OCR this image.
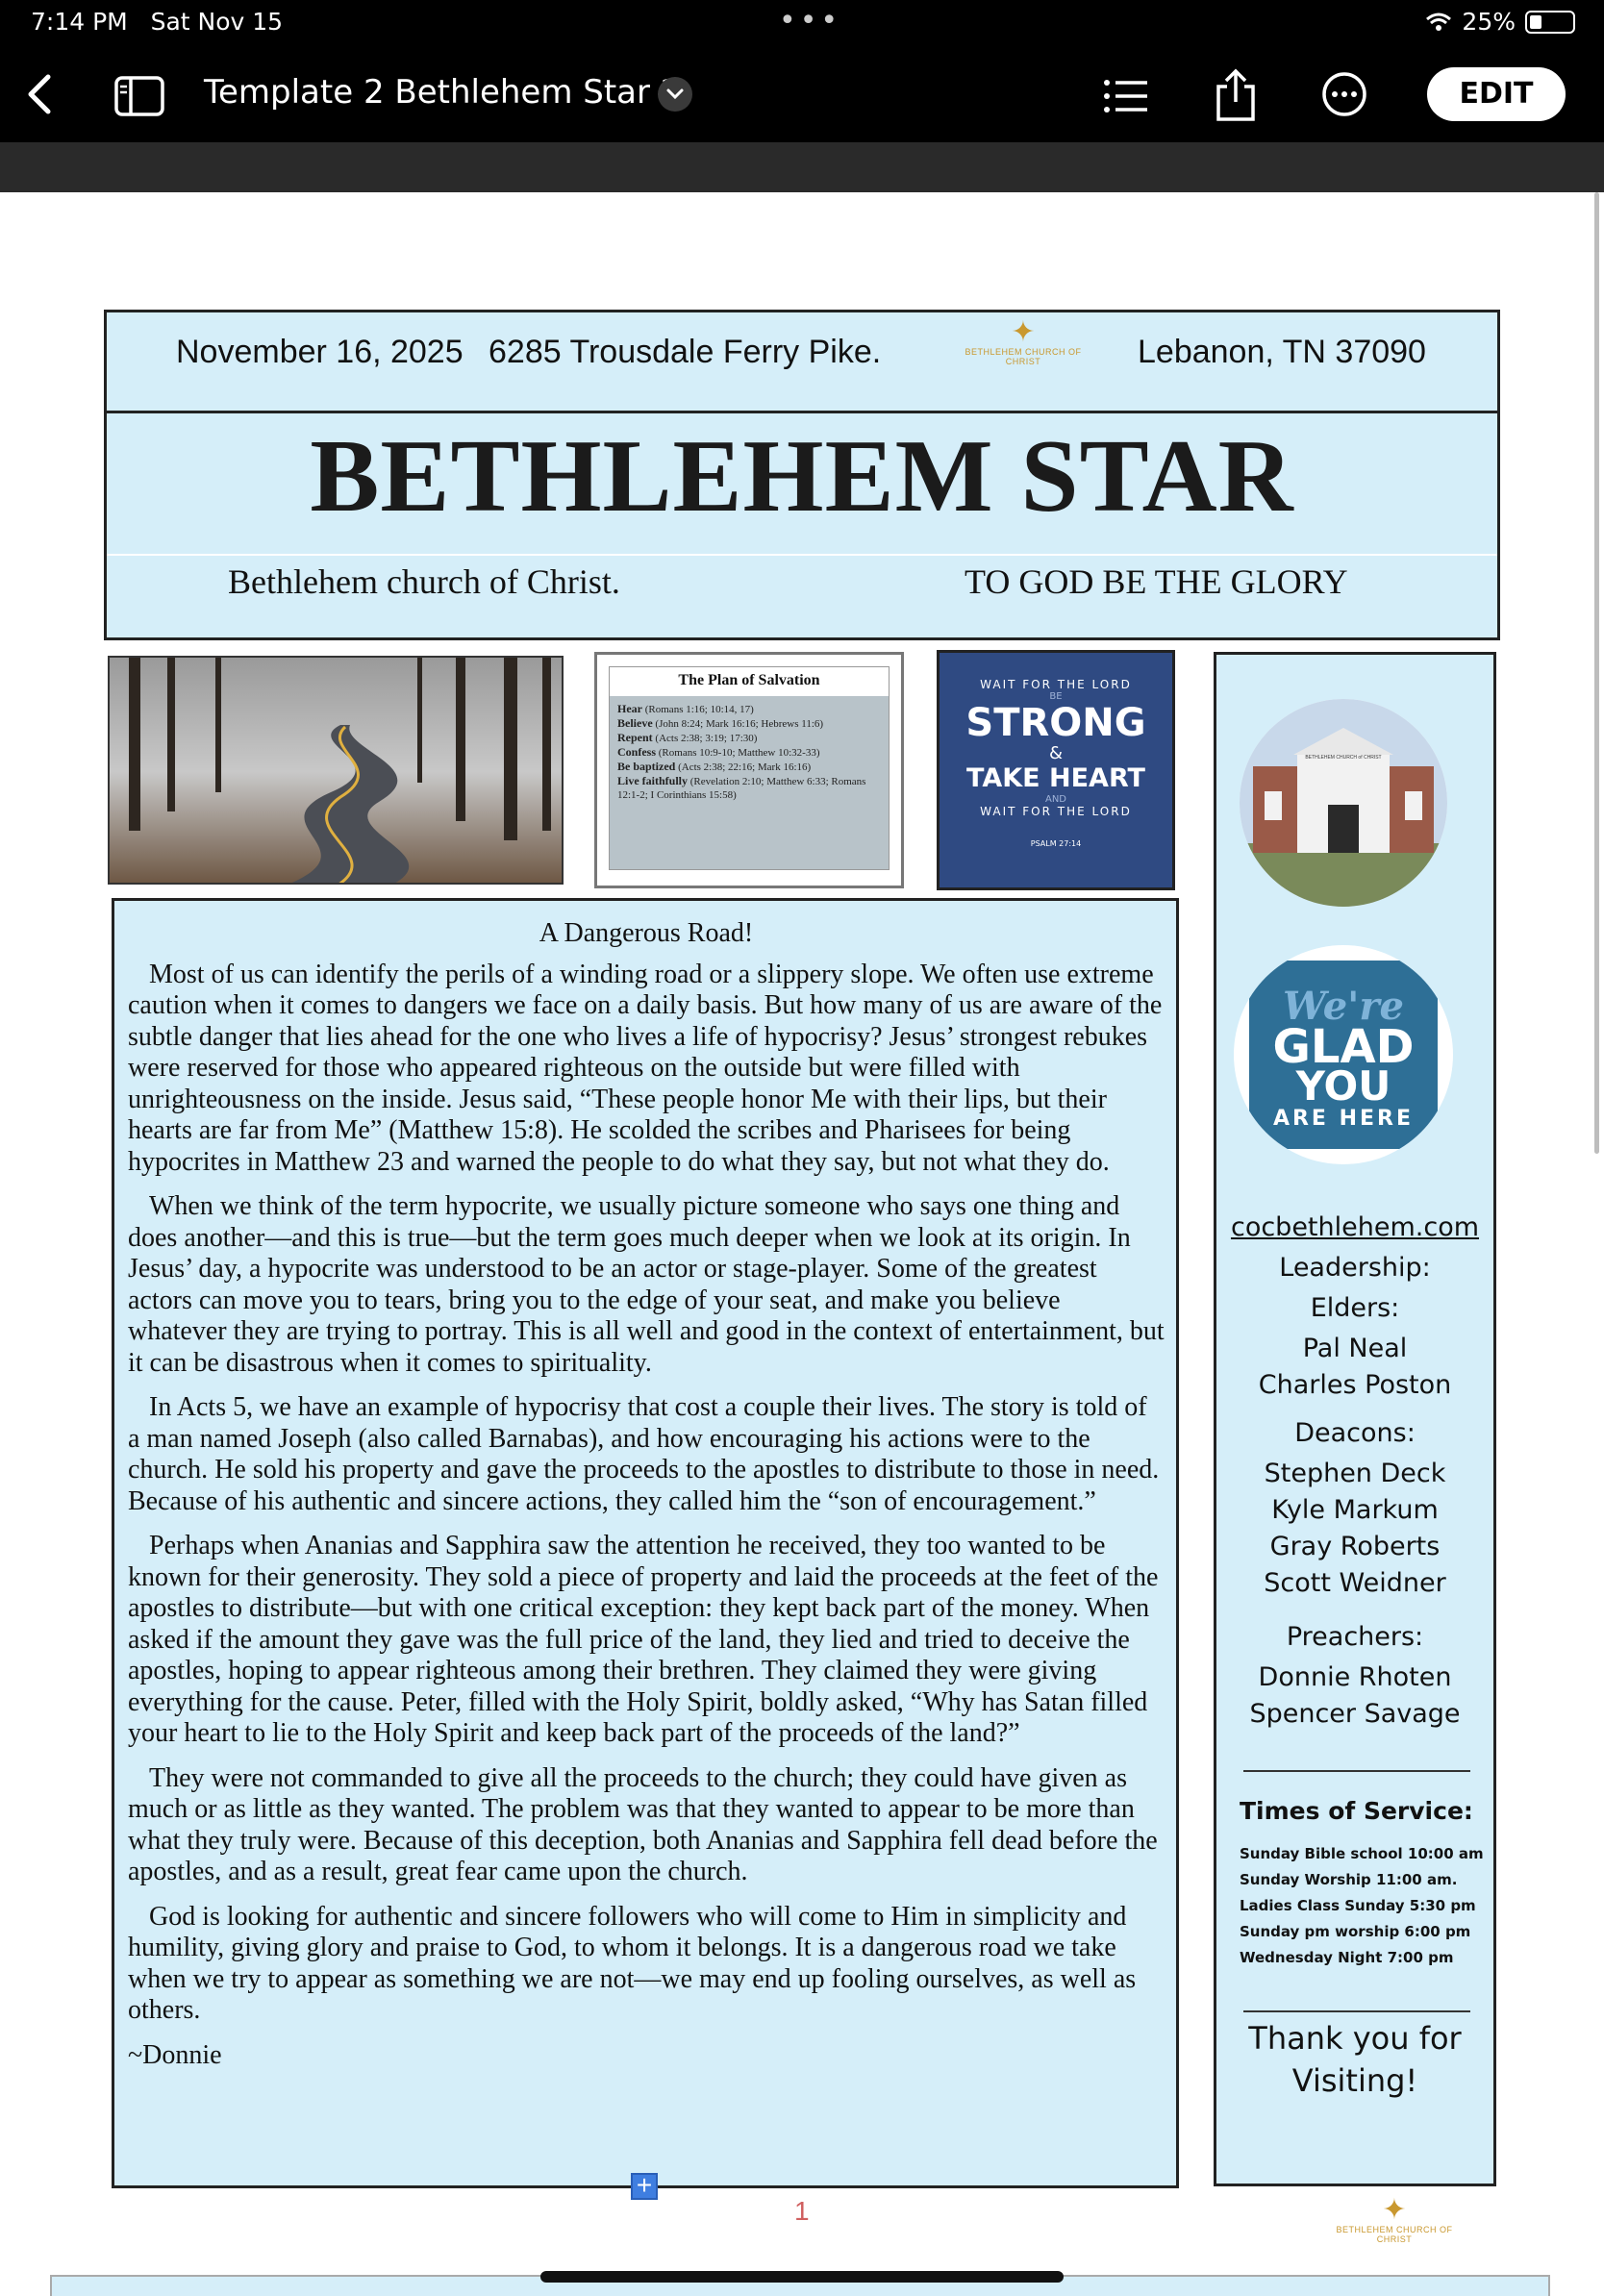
7:14 PM Sat Nov 15	•••	25%
Template 2 Bethlehem Star 2	EDIT
November 16, 2025 6285 Trousdale Ferry Pike.
✦
BETHLEHEM CHURCH OF CHRIST	Lebanon, TN 37090
BETHLEHEM STAR
Bethlehem church of Christ.	TO GOD BE THE GLORY
The Plan of Salvation
Hear (Romans 1:16; 10:14, 17)
Believe (John 8:24; Mark 16:16; Hebrews 11:6)
Repent (Acts 2:38; 3:19; 17:30)
Confess (Romans 10:9-10; Matthew 10:32-33)
Be baptized (Acts 2:38; 22:16; Mark 16:16)
Live faithfully (Revelation 2:10; Matthew 6:33; Romans 12:1-2; I Corinthians 15:58)
WAIT FOR THE LORD
BE
STRONG
&
TAKE HEART
AND
WAIT FOR THE LORD
PSALM 27:14
A Dangerous Road!

Most of us can identify the perils of a winding road or a slippery slope. We often use extreme caution when it comes to dangers we face on a daily basis. But how many of us are aware of the subtle danger that lies ahead for the one who lives a life of hypocrisy? Jesus’ strongest rebukes were reserved for those who appeared righteous on the outside but were filled with unrighteousness on the inside. Jesus said, “These people honor Me with their lips, but their hearts are far from Me” (Matthew 15:8). He scolded the scribes and Pharisees for being hypocrites in Matthew 23 and warned the people to do what they say, but not what they do.

When we think of the term hypocrite, we usually picture someone who says one thing and does another—and this is true—but the term goes much deeper when we look at its origin. In Jesus’ day, a hypocrite was understood to be an actor or stage-player. Some of the greatest actors can move you to tears, bring you to the edge of your seat, and make you believe whatever they are trying to portray. This is all well and good in the context of entertainment, but it can be disastrous when it comes to spirituality.

In Acts 5, we have an example of hypocrisy that cost a couple their lives. The story is told of a man named Joseph (also called Barnabas), and how encouraging his actions were to the church. He sold his property and gave the proceeds to the apostles to distribute to those in need. Because of his authentic and sincere actions, they called him the “son of encouragement.”

Perhaps when Ananias and Sapphira saw the attention he received, they too wanted to be known for their generosity. They sold a piece of property and laid the proceeds at the feet of the apostles to distribute—but with one critical exception: they kept back part of the money. When asked if the amount they gave was the full price of the land, they lied and tried to deceive the apostles, hoping to appear righteous among their brethren. They claimed they were giving everything for the cause. Peter, filled with the Holy Spirit, boldly asked, “Why has Satan filled your heart to lie to the Holy Spirit and keep back part of the proceeds of the land?”

They were not commanded to give all the proceeds to the church; they could have given as much or as little as they wanted. The problem was that they wanted to appear to be more than what they truly were. Because of this deception, both Ananias and Sapphira fell dead before the apostles, and as a result, great fear came upon the church.

God is looking for authentic and sincere followers who will come to Him in simplicity and humility, giving glory and praise to God, to whom it belongs. It is a dangerous road we take when we try to appear as something we are not—we may end up fooling ourselves, as well as others.

~Donnie

BETHLEHEM CHURCH of CHRIST
We're
GLAD
YOU
ARE HERE
cocbethlehem.com
Leadership:
Elders:
Pal Neal
Charles Poston
Deacons:
Stephen Deck
Kyle Markum
Gray Roberts
Scott Weidner
Preachers:
Donnie Rhoten
Spencer Savage
Times of Service:
Sunday Bible school 10:00 am
Sunday Worship 11:00 am.
Ladies Class Sunday 5:30 pm
Sunday pm worship 6:00 pm
Wednesday Night 7:00 pm
Thank you for
Visiting!
+
1	✦
BETHLEHEM CHURCH OF CHRIST
